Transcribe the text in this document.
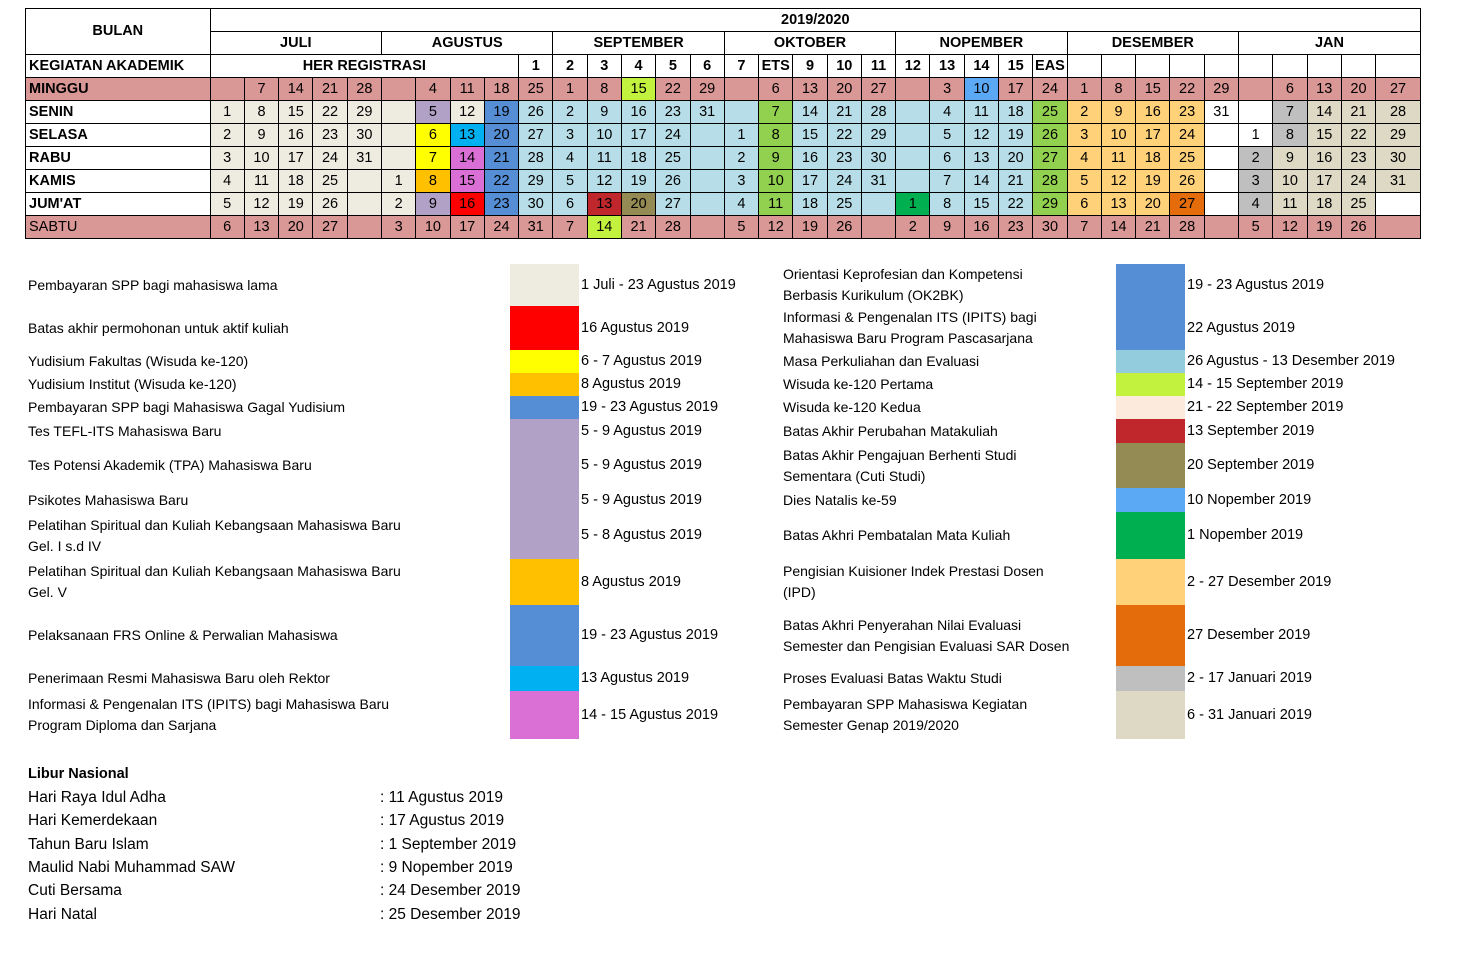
BULAN	2019/2020																																		
	JULI					AGUSTUS					SEPTEMBER					OKTOBER					NOPEMBER					DESEMBER					JAN				
KEGIATAN AKADEMIK	HER REGISTRASI									1	2	3	4	5	6	7	ETS	9	10	11	12	13	14	15	EAS										
MINGGU		7	14	21	28		4	11	18	25	1	8	15	22	29		6	13	20	27		3	10	17	24	1	8	15	22	29		6	13	20	27
SENIN	1	8	15	22	29		5	12	19	26	2	9	16	23	31		7	14	21	28		4	11	18	25	2	9	16	23	31		7	14	21	28
SELASA	2	9	16	23	30		6	13	20	27	3	10	17	24		1	8	15	22	29		5	12	19	26	3	10	17	24		1	8	15	22	29
RABU	3	10	17	24	31		7	14	21	28	4	11	18	25		2	9	16	23	30		6	13	20	27	4	11	18	25		2	9	16	23	30
KAMIS	4	11	18	25		1	8	15	22	29	5	12	19	26		3	10	17	24	31		7	14	21	28	5	12	19	26		3	10	17	24	31
JUM'AT	5	12	19	26		2	9	16	23	30	6	13	20	27		4	11	18	25		1	8	15	22	29	6	13	20	27		4	11	18	25	
SABTU	6	13	20	27		3	10	17	24	31	7	14	21	28		5	12	19	26		2	9	16	23	30	7	14	21	28		5	12	19	26	
Pembayaran SPP bagi mahasiswa lama	1 Juli - 23 Agustus 2019
Batas akhir permohonan untuk aktif kuliah	16 Agustus 2019
Yudisium Fakultas (Wisuda ke-120)	6 - 7 Agustus 2019
Yudisium Institut (Wisuda ke-120)	8 Agustus 2019
Pembayaran SPP bagi Mahasiswa Gagal Yudisium	19 - 23 Agustus 2019
Tes TEFL-ITS Mahasiswa Baru	5 - 9 Agustus 2019
Tes Potensi Akademik (TPA) Mahasiswa Baru	5 - 9 Agustus 2019
Psikotes Mahasiswa Baru	5 - 9 Agustus 2019
Pelatihan Spiritual dan Kuliah Kebangsaan Mahasiswa Baru
Gel. I s.d IV
5 - 8 Agustus 2019
Pelatihan Spiritual dan Kuliah Kebangsaan Mahasiswa Baru
Gel. V
8 Agustus 2019
Pelaksanaan FRS Online & Perwalian Mahasiswa	19 - 23 Agustus 2019
Penerimaan Resmi Mahasiswa Baru oleh Rektor	13 Agustus 2019
Informasi & Pengenalan ITS (IPITS) bagi Mahasiswa Baru
Program Diploma dan Sarjana
14 - 15 Agustus 2019
Orientasi Keprofesian dan Kompetensi
Berbasis Kurikulum (OK2BK)
19 - 23 Agustus 2019
Informasi & Pengenalan ITS (IPITS) bagi
Mahasiswa Baru Program Pascasarjana
22 Agustus 2019
Masa Perkuliahan dan Evaluasi	26 Agustus - 13 Desember 2019
Wisuda ke-120 Pertama	14 - 15 September 2019
Wisuda ke-120 Kedua	21 - 22 September 2019
Batas Akhir Perubahan Matakuliah	13 September 2019
Batas Akhir Pengajuan Berhenti Studi
Sementara (Cuti Studi)
20 September 2019
Dies Natalis ke-59	10 Nopember 2019
Batas Akhri Pembatalan Mata Kuliah	1 Nopember 2019
Pengisian Kuisioner Indek Prestasi Dosen
(IPD)
2 - 27 Desember 2019
Batas Akhri Penyerahan Nilai Evaluasi
Semester dan Pengisian Evaluasi SAR Dosen
27 Desember 2019
Proses Evaluasi Batas Waktu Studi	2 - 17 Januari 2019
Pembayaran SPP Mahasiswa Kegiatan
Semester Genap 2019/2020
6 - 31 Januari 2019
Libur Nasional
Hari Raya Idul Adha	: 11 Agustus 2019
Hari Kemerdekaan	: 17 Agustus 2019
Tahun Baru Islam	: 1 September 2019
Maulid Nabi Muhammad SAW	: 9 Nopember 2019
Cuti Bersama	: 24 Desember 2019
Hari Natal	: 25 Desember 2019
